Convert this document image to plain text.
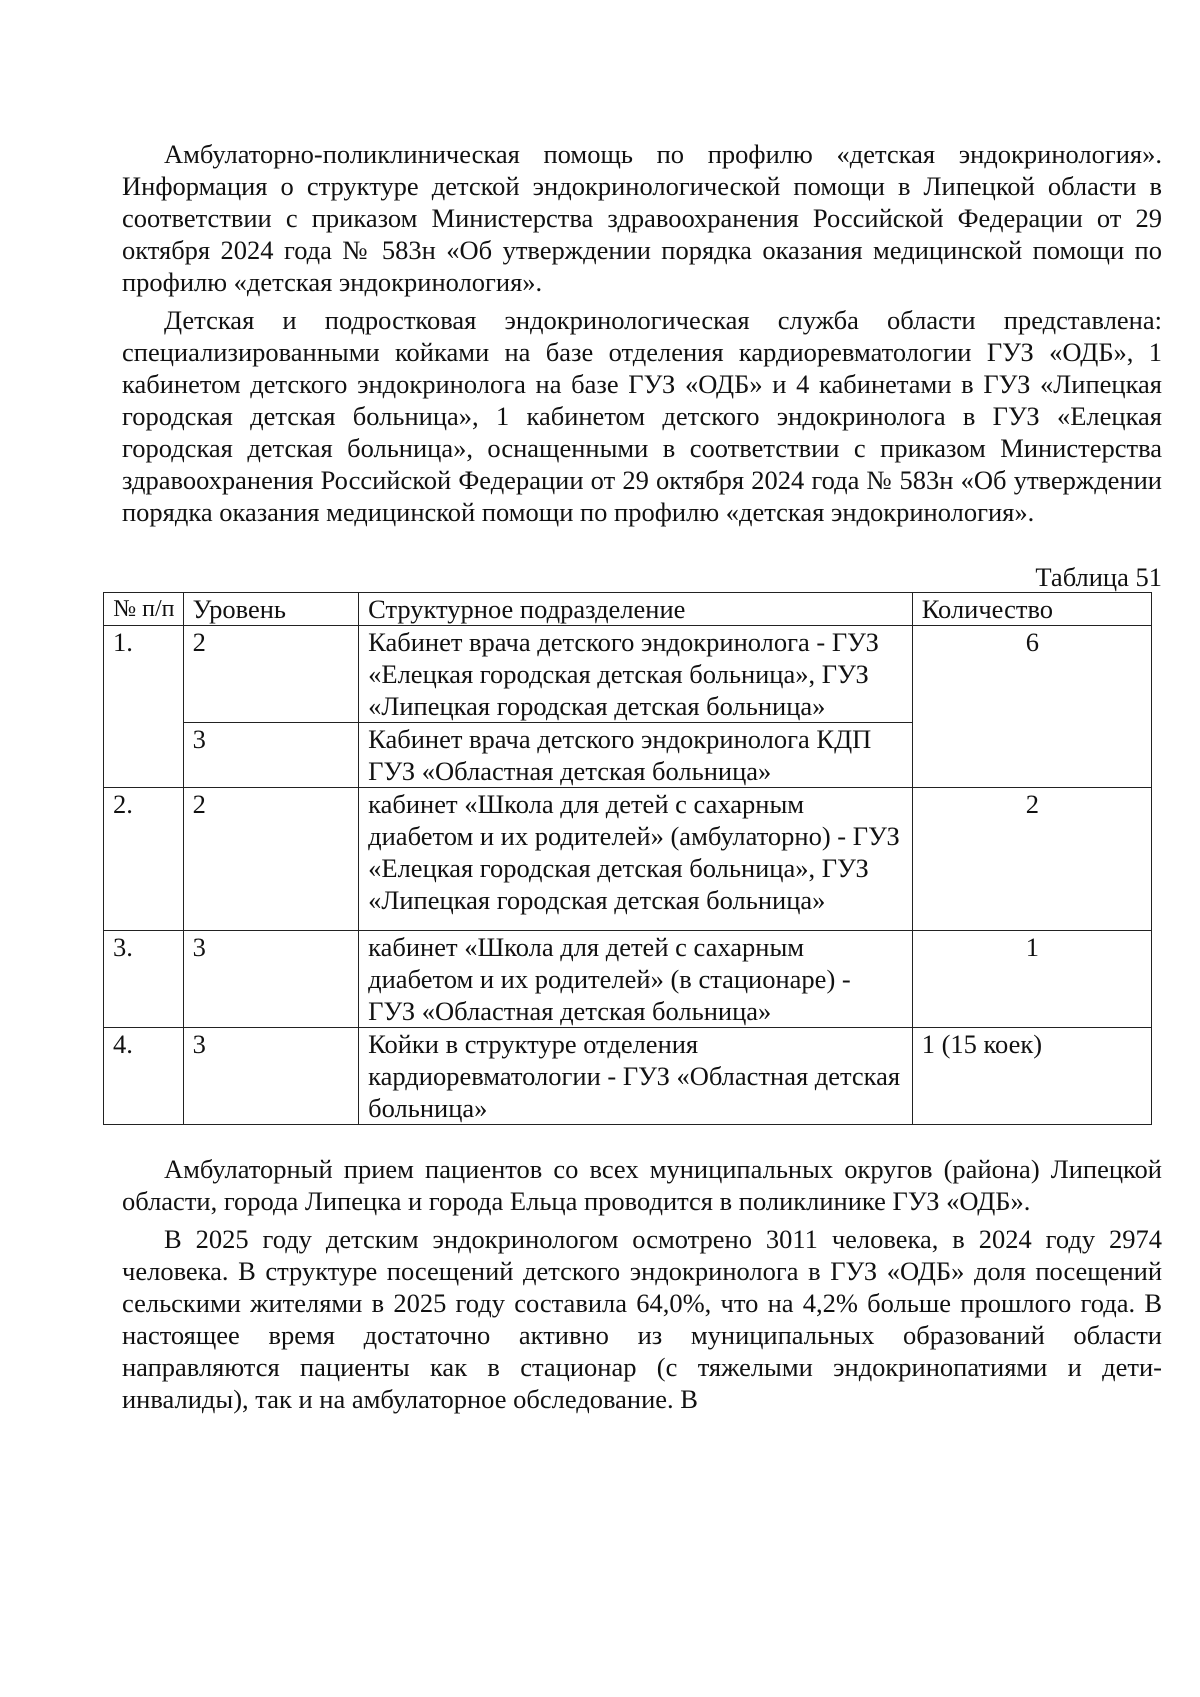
Амбулаторно-поликлиническая помощь по профилю «детская эндокринология». Информация о структуре детской эндокринологической помощи в Липецкой области в соответствии с приказом Министерства здравоохранения Российской Федерации от 29 октября 2024 года № 583н «Об утверждении порядка оказания медицинской помощи по профилю «детская эндокринология».

Детская и подростковая эндокринологическая служба области представлена: специализированными койками на базе отделения кардиоревматологии ГУЗ «ОДБ», 1 кабинетом детского эндокринолога на базе ГУЗ «ОДБ» и 4 кабинетами в ГУЗ «Липецкая городская детская больница», 1 кабинетом детского эндокринолога в ГУЗ «Елецкая городская детская больница», оснащенными в соответствии с приказом Министерства здравоохранения Российской Федерации от 29 октября 2024 года № 583н «Об утверждении порядка оказания медицинской помощи по профилю «детская эндокринология».

Таблица 51
№ п/п	Уровень	Структурное подразделение	Количество
1.	2	Кабинет врача детского эндокринолога - ГУЗ «Елецкая городская детская больница», ГУЗ «Липецкая городская детская больница»	6
	3	Кабинет врача детского эндокринолога КДП ГУЗ «Областная детская больница»	
2.	2	кабинет «Школа для детей с сахарным диабетом и их родителей» (амбулаторно) - ГУЗ «Елецкая городская детская больница», ГУЗ «Липецкая городская детская больница»	2
3.	3	кабинет «Школа для детей с сахарным диабетом и их родителей» (в стационаре) - ГУЗ «Областная детская больница»	1
4.	3	Койки в структуре отделения кардиоревматологии - ГУЗ «Областная детская больница»	1 (15 коек)

Амбулаторный прием пациентов со всех муниципальных округов (района) Липецкой области, города Липецка и города Ельца проводится в поликлинике ГУЗ «ОДБ».

В 2025 году детским эндокринологом осмотрено 3011 человека, в 2024 году 2974 человека. В структуре посещений детского эндокринолога в ГУЗ «ОДБ» доля посещений сельскими жителями в 2025 году составила 64,0%, что на 4,2% больше прошлого года. В настоящее время достаточно активно из муниципальных образований области направляются пациенты как в стационар (с тяжелыми эндокринопатиями и дети-инвалиды), так и на амбулаторное обследование. В
